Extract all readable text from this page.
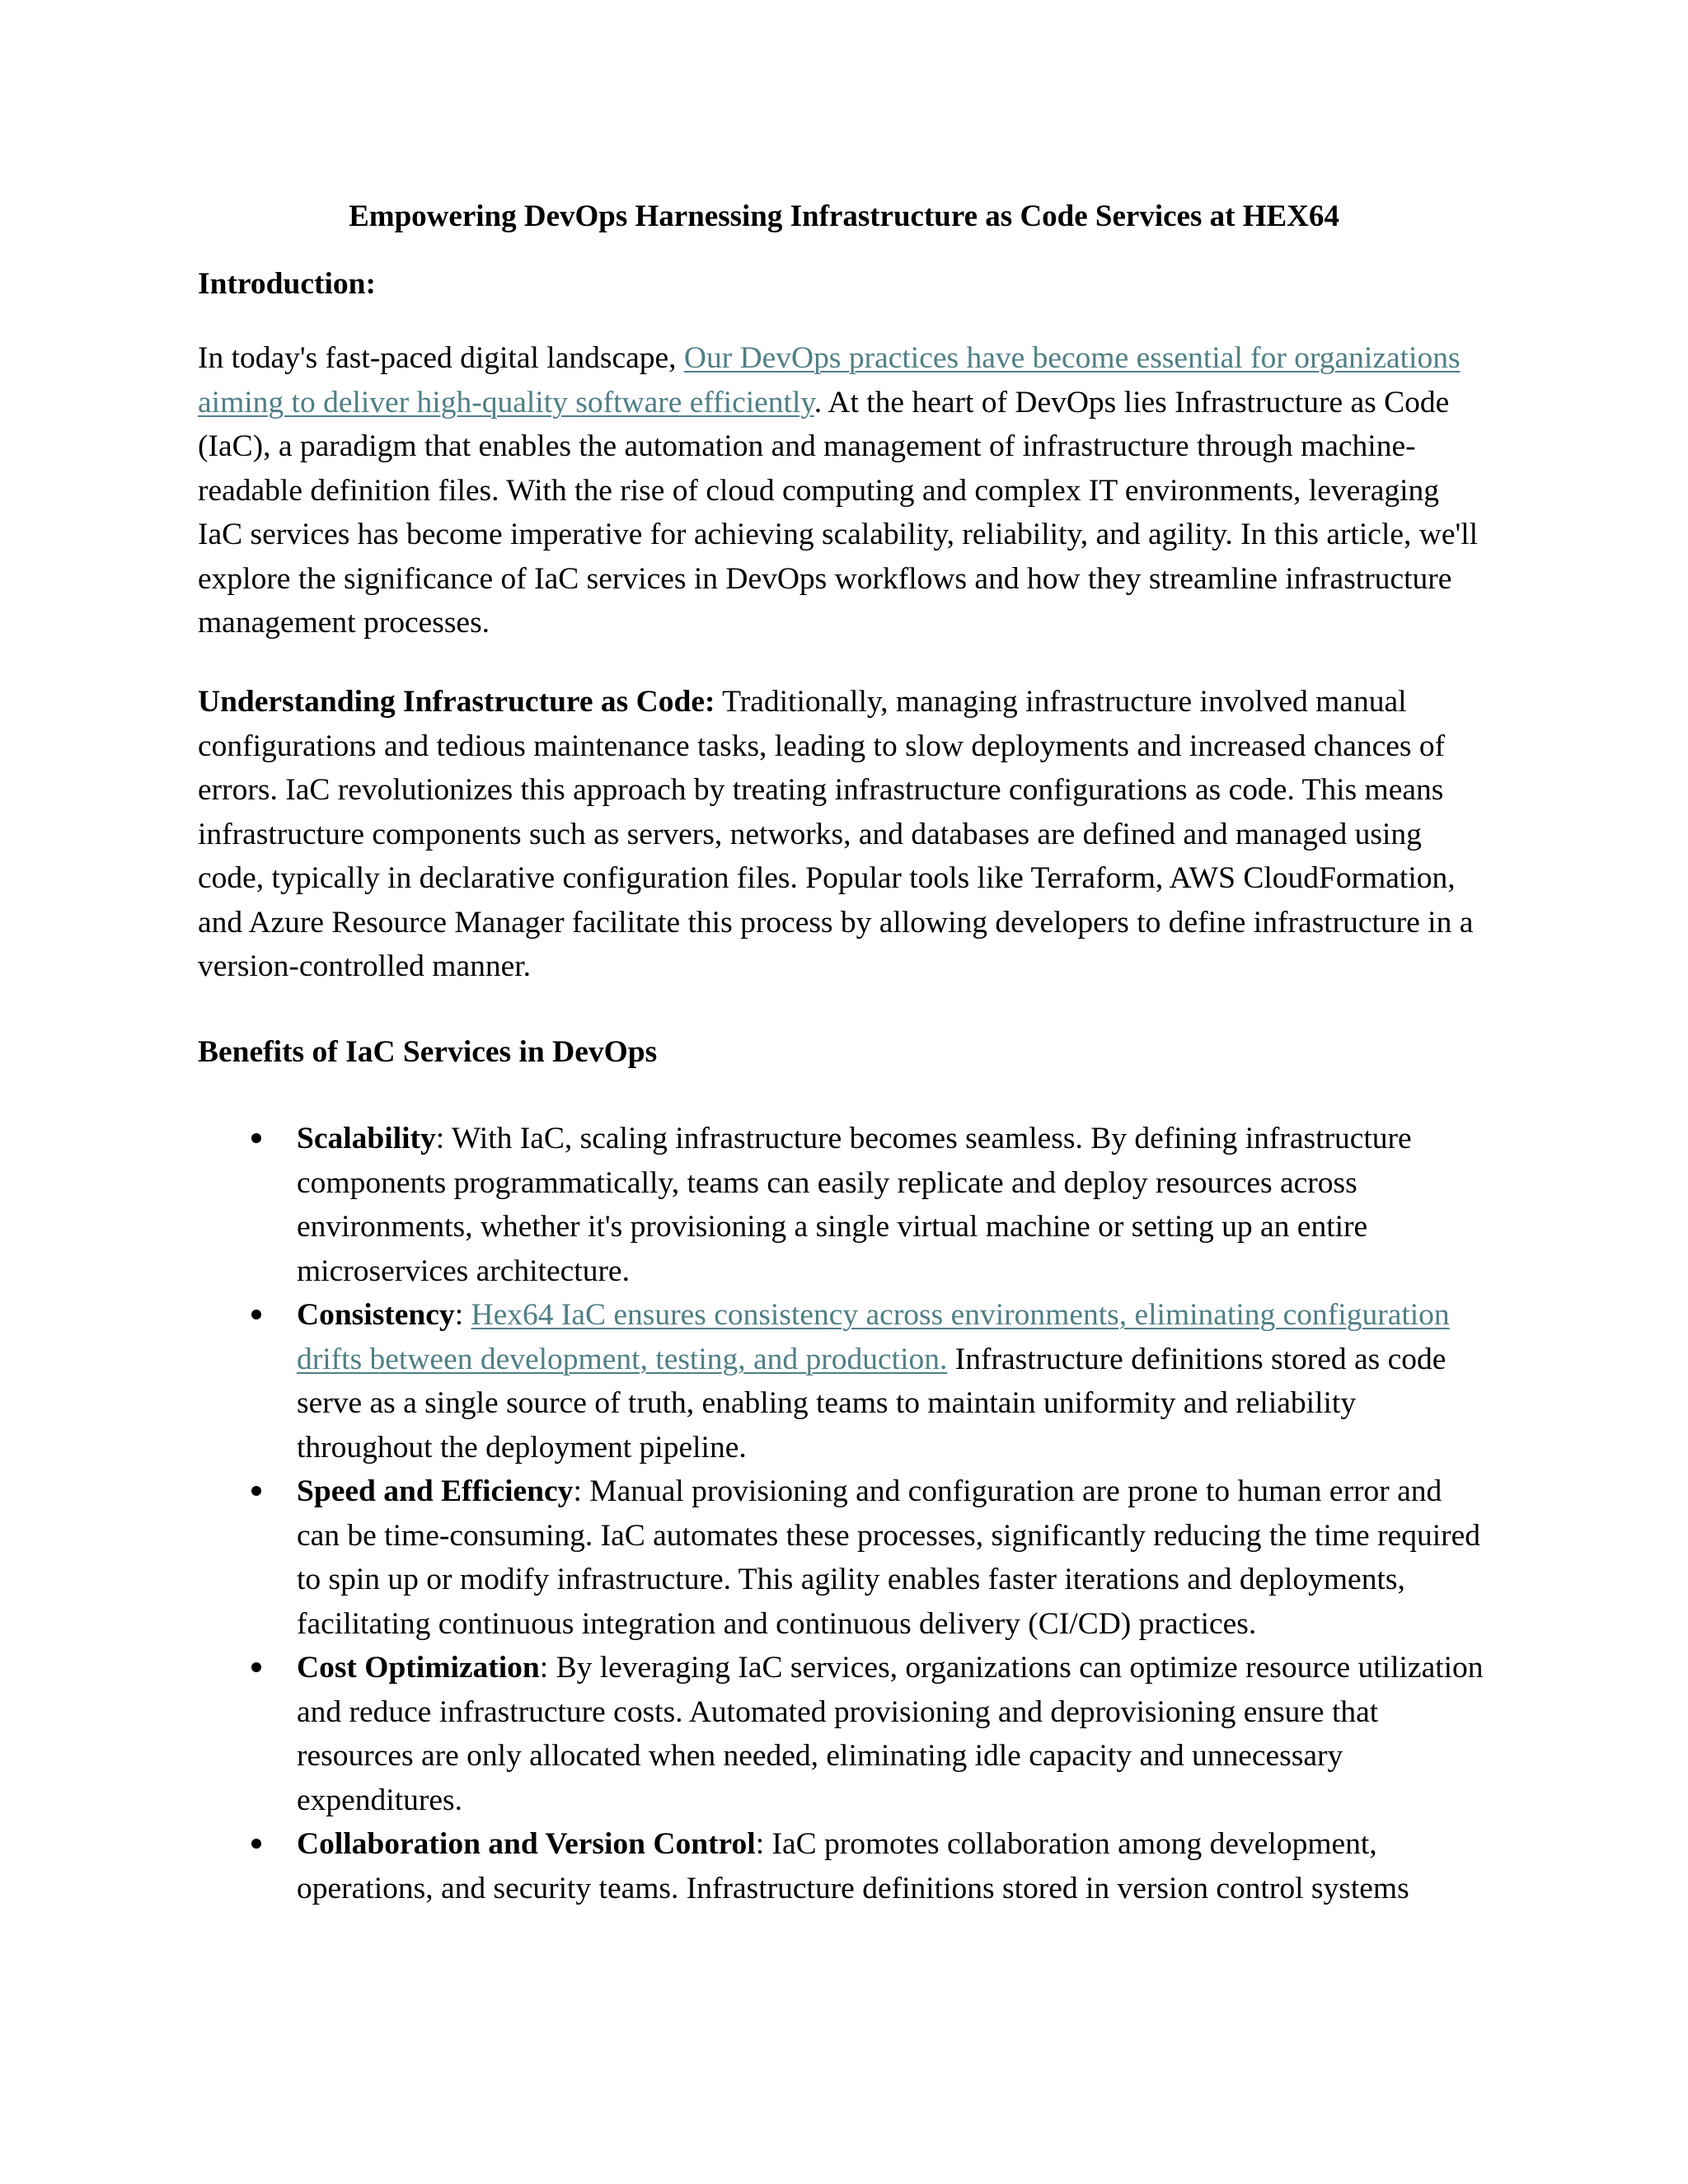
Empowering DevOps Harnessing Infrastructure as Code Services at HEX64

Introduction:

In today's fast-paced digital landscape, Our DevOps practices have become essential for organizations aiming to deliver high-quality software efficiently. At the heart of DevOps lies Infrastructure as Code (IaC), a paradigm that enables the automation and management of infrastructure through machine-readable definition files. With the rise of cloud computing and complex IT environments, leveraging IaC services has become imperative for achieving scalability, reliability, and agility. In this article, we'll explore the significance of IaC services in DevOps workflows and how they streamline infrastructure management processes.

Understanding Infrastructure as Code: Traditionally, managing infrastructure involved manual configurations and tedious maintenance tasks, leading to slow deployments and increased chances of errors. IaC revolutionizes this approach by treating infrastructure configurations as code. This means infrastructure components such as servers, networks, and databases are defined and managed using code, typically in declarative configuration files. Popular tools like Terraform, AWS CloudFormation, and Azure Resource Manager facilitate this process by allowing developers to define infrastructure in a version-controlled manner.

Benefits of IaC Services in DevOps

Scalability: With IaC, scaling infrastructure becomes seamless. By defining infrastructure components programmatically, teams can easily replicate and deploy resources across environments, whether it's provisioning a single virtual machine or setting up an entire microservices architecture.
Consistency: Hex64 IaC ensures consistency across environments, eliminating configuration drifts between development, testing, and production. Infrastructure definitions stored as code serve as a single source of truth, enabling teams to maintain uniformity and reliability throughout the deployment pipeline.
Speed and Efficiency: Manual provisioning and configuration are prone to human error and can be time-consuming. IaC automates these processes, significantly reducing the time required to spin up or modify infrastructure. This agility enables faster iterations and deployments, facilitating continuous integration and continuous delivery (CI/CD) practices.
Cost Optimization: By leveraging IaC services, organizations can optimize resource utilization and reduce infrastructure costs. Automated provisioning and deprovisioning ensure that resources are only allocated when needed, eliminating idle capacity and unnecessary expenditures.
Collaboration and Version Control: IaC promotes collaboration among development, operations, and security teams. Infrastructure definitions stored in version control systems
